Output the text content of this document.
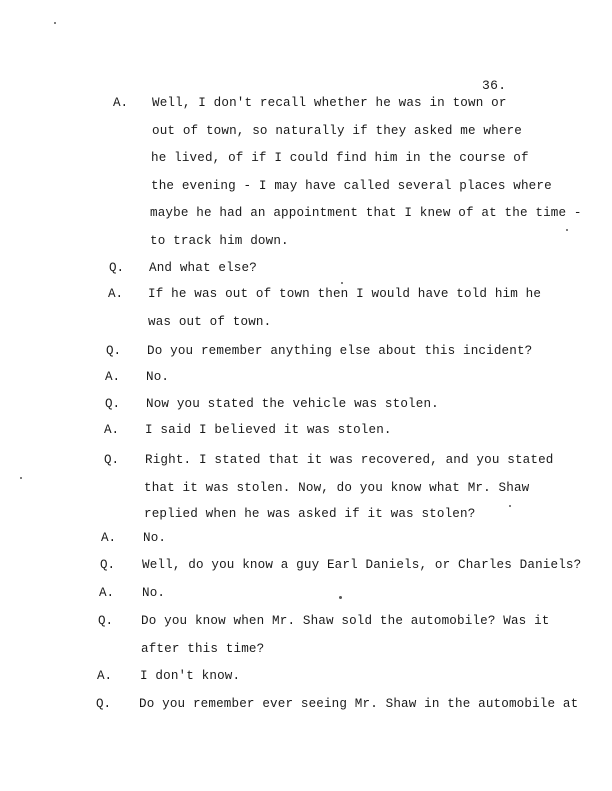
36.
A.
Q.
A.
Q.
A.
Q.
A.
Q.
A.
Q.
A.
Q.
A.
Q.
Well, I don't recall whether he was in town or
out of town, so naturally if they asked me where
he lived, of if I could find him in the course of
the evening - I may have called several places where
maybe he had an appointment that I knew of at the time -
to track him down.
And what else?
If he was out of town then I would have told him he
was out of town.
Do you remember anything else about this incident?
No.
Now you stated the vehicle was stolen.
I said I believed it was stolen.
Right. I stated that it was recovered, and you stated
that it was stolen. Now, do you know what Mr. Shaw
replied when he was asked if it was stolen?
No.
Well, do you know a guy Earl Daniels, or Charles Daniels?
No.
Do you know when Mr. Shaw sold the automobile? Was it
after this time?
I don't know.
Do you remember ever seeing Mr. Shaw in the automobile at
